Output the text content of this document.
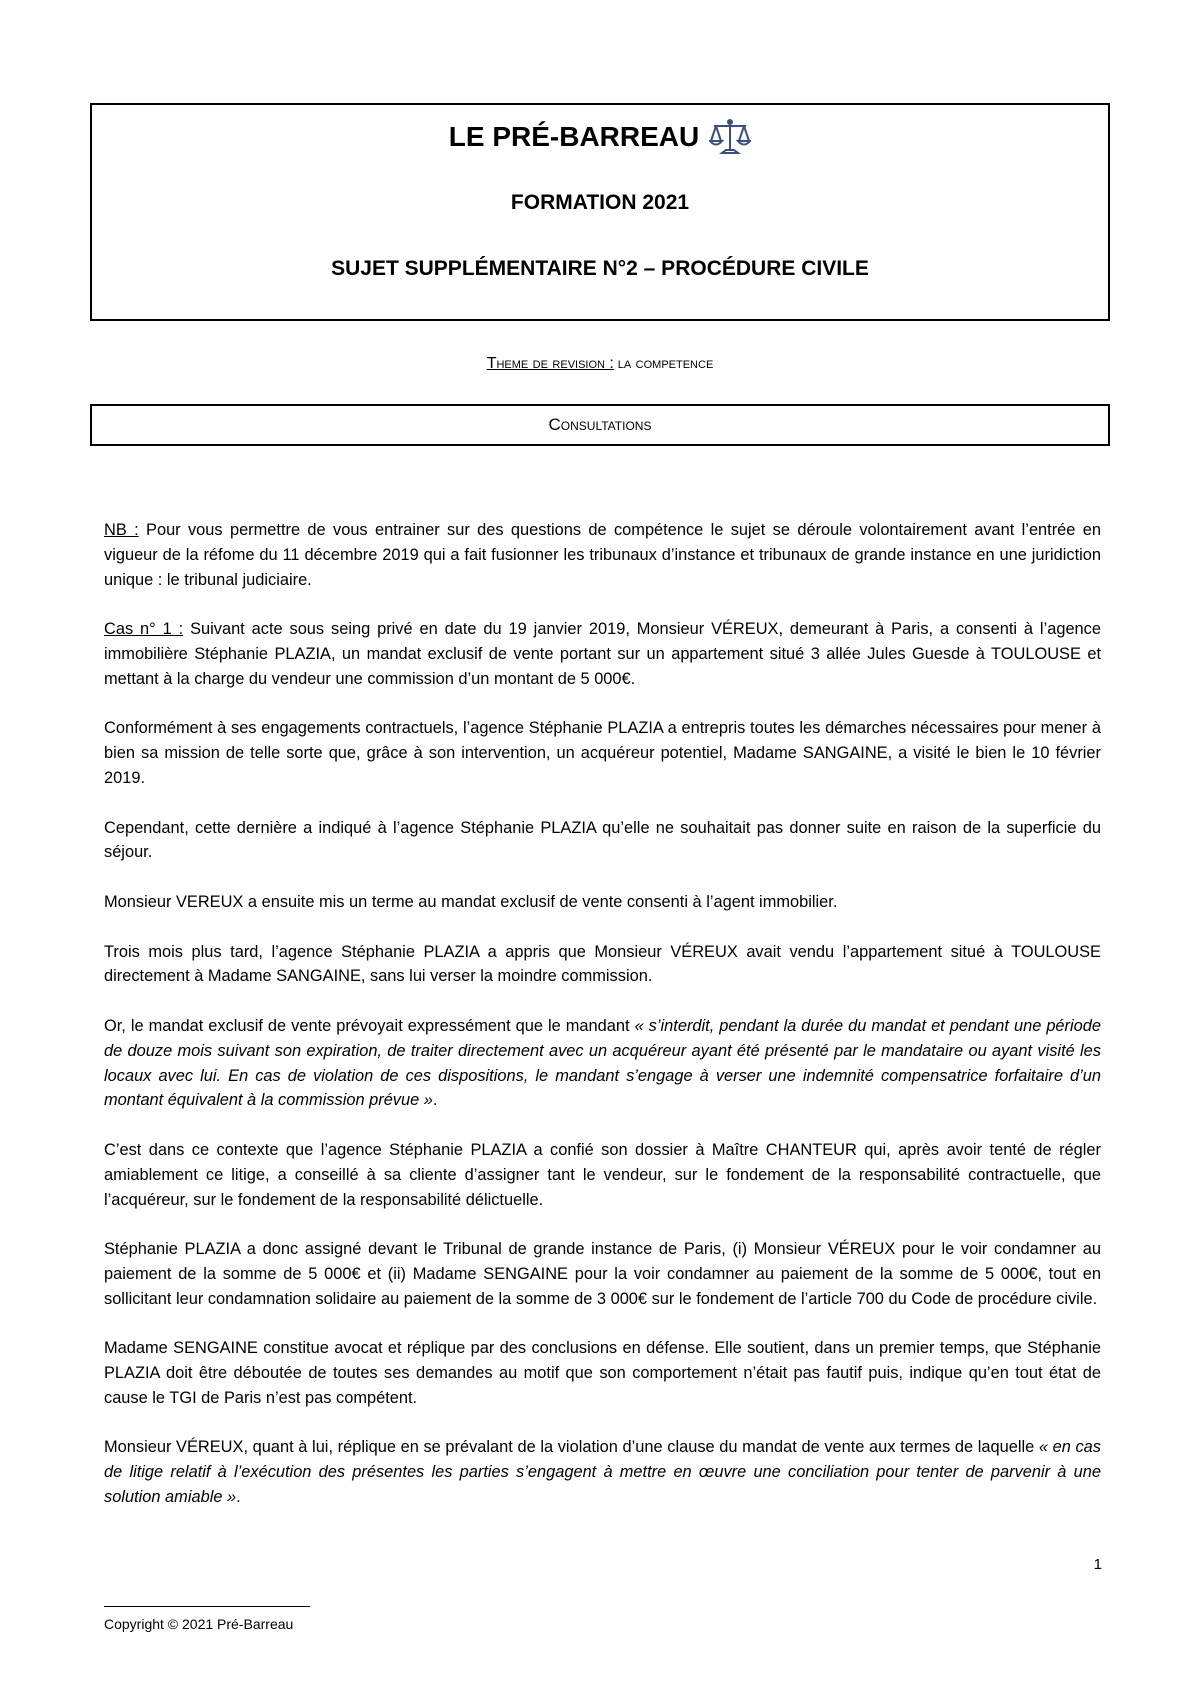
LE PRÉ-BARREAU
FORMATION 2021
SUJET SUPPLÉMENTAIRE N°2 – PROCÉDURE CIVILE
Theme de revision : la competence
Consultations

NB : Pour vous permettre de vous entrainer sur des questions de compétence le sujet se déroule volontairement avant l’entrée en vigueur de la réfome du 11 décembre 2019 qui a fait fusionner les tribunaux d’instance et tribunaux de grande instance en une juridiction unique : le tribunal judiciaire.

Cas n° 1 : Suivant acte sous seing privé en date du 19 janvier 2019, Monsieur VÉREUX, demeurant à Paris, a consenti à l’agence immobilière Stéphanie PLAZIA, un mandat exclusif de vente portant sur un appartement situé 3 allée Jules Guesde à TOULOUSE et mettant à la charge du vendeur une commission d’un montant de 5 000€.

Conformément à ses engagements contractuels, l’agence Stéphanie PLAZIA a entrepris toutes les démarches nécessaires pour mener à bien sa mission de telle sorte que, grâce à son intervention, un acquéreur potentiel, Madame SANGAINE, a visité le bien le 10 février 2019.

Cependant, cette dernière a indiqué à l’agence Stéphanie PLAZIA qu’elle ne souhaitait pas donner suite en raison de la superficie du séjour.

Monsieur VEREUX a ensuite mis un terme au mandat exclusif de vente consenti à l’agent immobilier.

Trois mois plus tard, l’agence Stéphanie PLAZIA a appris que Monsieur VÉREUX avait vendu l’appartement situé à TOULOUSE directement à Madame SANGAINE, sans lui verser la moindre commission.

Or, le mandat exclusif de vente prévoyait expressément que le mandant « s’interdit, pendant la durée du mandat et pendant une période de douze mois suivant son expiration, de traiter directement avec un acquéreur ayant été présenté par le mandataire ou ayant visité les locaux avec lui. En cas de violation de ces dispositions, le mandant s’engage à verser une indemnité compensatrice forfaitaire d’un montant équivalent à la commission prévue ».

C’est dans ce contexte que l’agence Stéphanie PLAZIA a confié son dossier à Maître CHANTEUR qui, après avoir tenté de régler amiablement ce litige, a conseillé à sa cliente d’assigner tant le vendeur, sur le fondement de la responsabilité contractuelle, que l’acquéreur, sur le fondement de la responsabilité délictuelle.

Stéphanie PLAZIA a donc assigné devant le Tribunal de grande instance de Paris, (i) Monsieur VÉREUX pour le voir condamner au paiement de la somme de 5 000€ et (ii) Madame SENGAINE pour la voir condamner au paiement de la somme de 5 000€, tout en sollicitant leur condamnation solidaire au paiement de la somme de 3 000€ sur le fondement de l’article 700 du Code de procédure civile.

Madame SENGAINE constitue avocat et réplique par des conclusions en défense. Elle soutient, dans un premier temps, que Stéphanie PLAZIA doit être déboutée de toutes ses demandes au motif que son comportement n’était pas fautif puis, indique qu’en tout état de cause le TGI de Paris n’est pas compétent.

Monsieur VÉREUX, quant à lui, réplique en se prévalant de la violation d’une clause du mandat de vente aux termes de laquelle « en cas de litige relatif à l’exécution des présentes les parties s’engagent à mettre en œuvre une conciliation pour tenter de parvenir à une solution amiable ».

1
Copyright © 2021 Pré-Barreau
